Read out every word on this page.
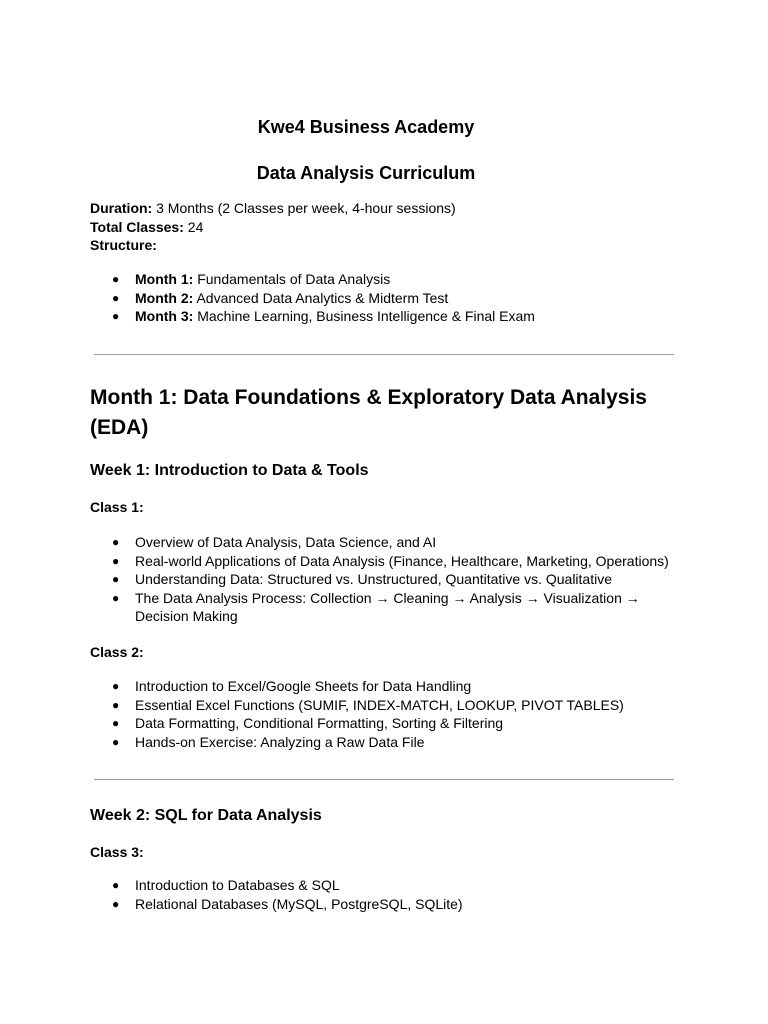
Kwe4 Business Academy
Data Analysis Curriculum
Duration: 3 Months (2 Classes per week, 4-hour sessions)
Total Classes: 24
Structure:
● Month 1: Fundamentals of Data Analysis
● Month 2: Advanced Data Analytics & Midterm Test
● Month 3: Machine Learning, Business Intelligence & Final Exam
Month 1: Data Foundations & Exploratory Data Analysis (EDA)
Week 1: Introduction to Data & Tools
Class 1:
● Overview of Data Analysis, Data Science, and AI
● Real-world Applications of Data Analysis (Finance, Healthcare, Marketing, Operations)
● Understanding Data: Structured vs. Unstructured, Quantitative vs. Qualitative
● The Data Analysis Process: Collection → Cleaning → Analysis → Visualization → Decision Making
Class 2:
● Introduction to Excel/Google Sheets for Data Handling
● Essential Excel Functions (SUMIF, INDEX-MATCH, LOOKUP, PIVOT TABLES)
● Data Formatting, Conditional Formatting, Sorting & Filtering
● Hands-on Exercise: Analyzing a Raw Data File
Week 2: SQL for Data Analysis
Class 3:
● Introduction to Databases & SQL
● Relational Databases (MySQL, PostgreSQL, SQLite)
